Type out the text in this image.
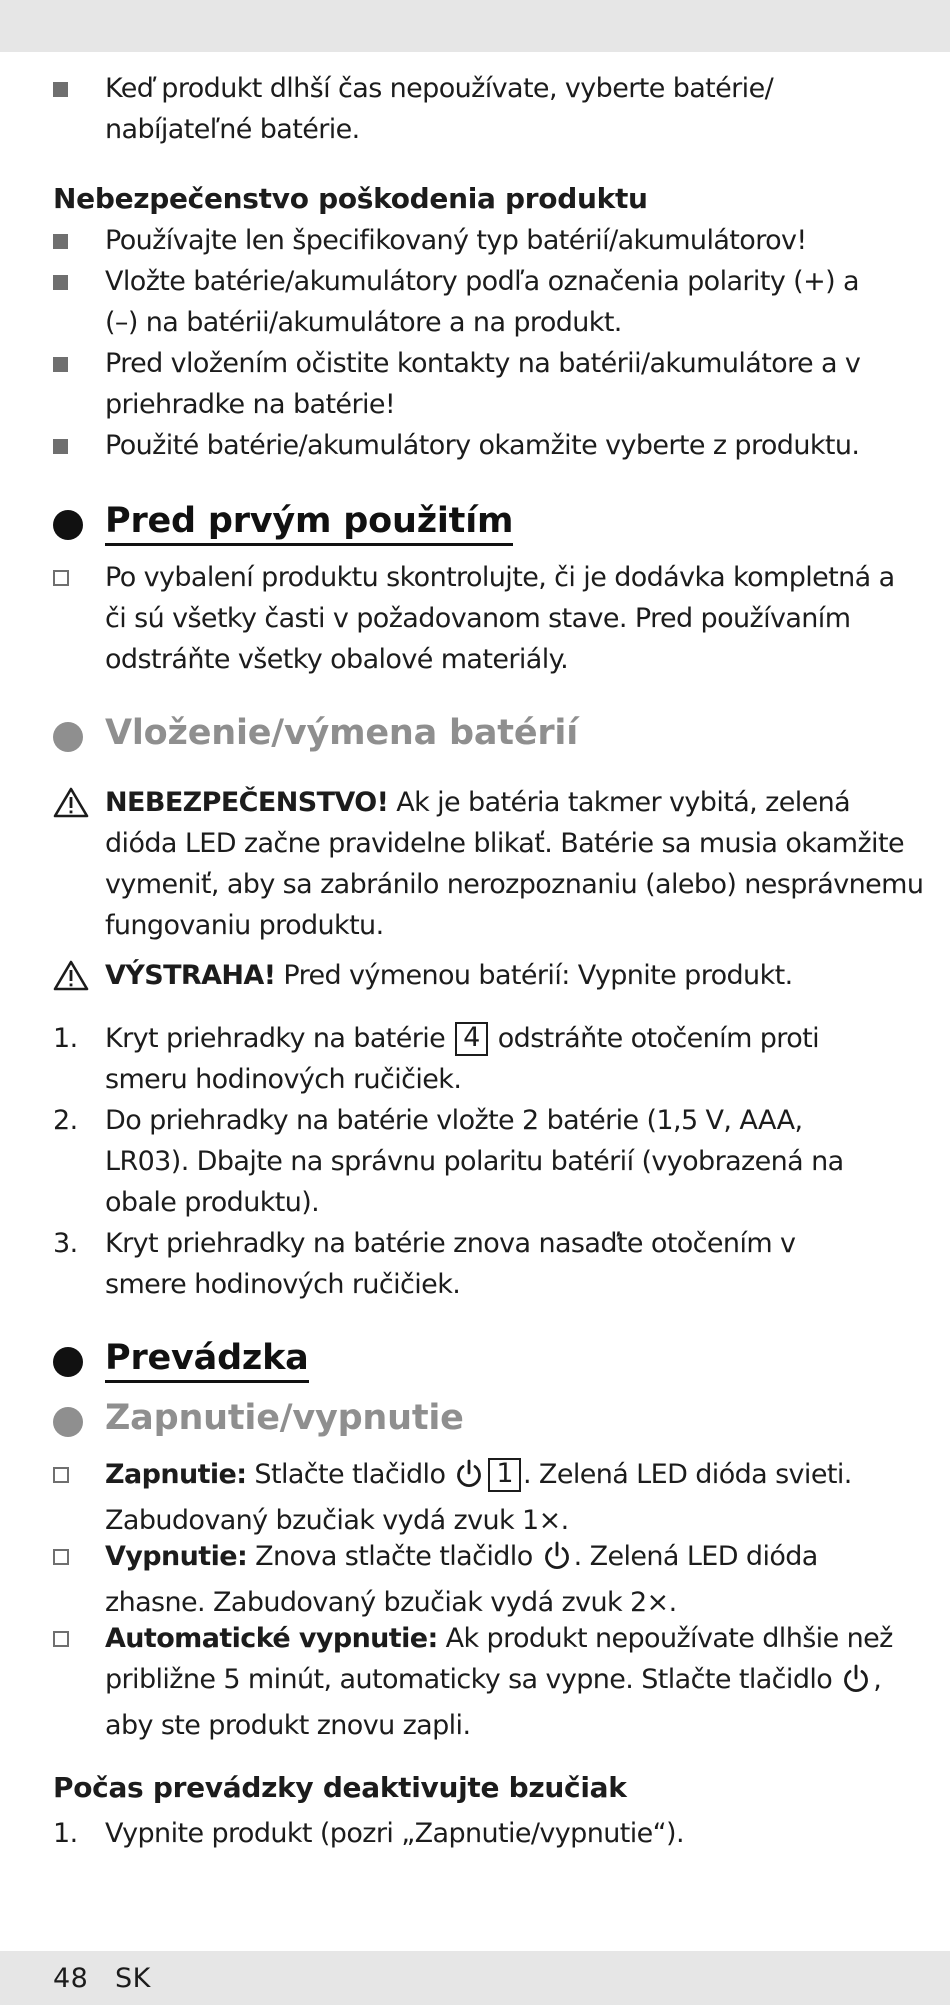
Keď produkt dlhší čas nepoužívate, vyberte batérie/ nabíjateľné batérie.
Nebezpečenstvo poškodenia produktu
Používajte len špecifikovaný typ batérií/akumulátorov!
Vložte batérie/akumulátory podľa označenia polarity (+) a (–) na batérii/akumulátore a na produkt.
Pred vložením očistite kontakty na batérii/akumulátore a v priehradke na batérie!
Použité batérie/akumulátory okamžite vyberte z produktu.
Pred prvým použitím
Po vybalení produktu skontrolujte, či je dodávka kompletná a či sú všetky časti v požadovanom stave. Pred používaním odstráňte všetky obalové materiály.
Vloženie/výmena batérií
NEBEZPEČENSTVO! Ak je batéria takmer vybitá, zelená dióda LED začne pravidelne blikať. Batérie sa musia okamžite vymeniť, aby sa zabránilo nerozpoznaniu (alebo) nesprávnemu fungovaniu produktu.
VÝSTRAHA! Pred výmenou batérií: Vypnite produkt.
1.	Kryt priehradky na batérie 4 odstráňte otočením proti smeru hodinových ručičiek.
2.	Do priehradky na batérie vložte 2 batérie (1,5 V, AAA, LR03). Dbajte na správnu polaritu batérií (vyobrazená na obale produktu).
3.	Kryt priehradky na batérie znova nasaďte otočením v smere hodinových ručičiek.
Prevádzka
Zapnutie/vypnutie
Zapnutie: Stlačte tlačidlo 1 . Zelená LED dióda svieti. Zabudovaný bzučiak vydá zvuk 1×.
Vypnutie: Znova stlačte tlačidlo . Zelená LED dióda zhasne. Zabudovaný bzučiak vydá zvuk 2×.
Automatické vypnutie: Ak produkt nepoužívate dlhšie než približne 5 minút, automaticky sa vypne. Stlačte tlačidlo , aby ste produkt znovu zapli.
Počas prevádzky deaktivujte bzučiak
1.	Vypnite produkt (pozri „Zapnutie/vypnutie“).
48 SK
